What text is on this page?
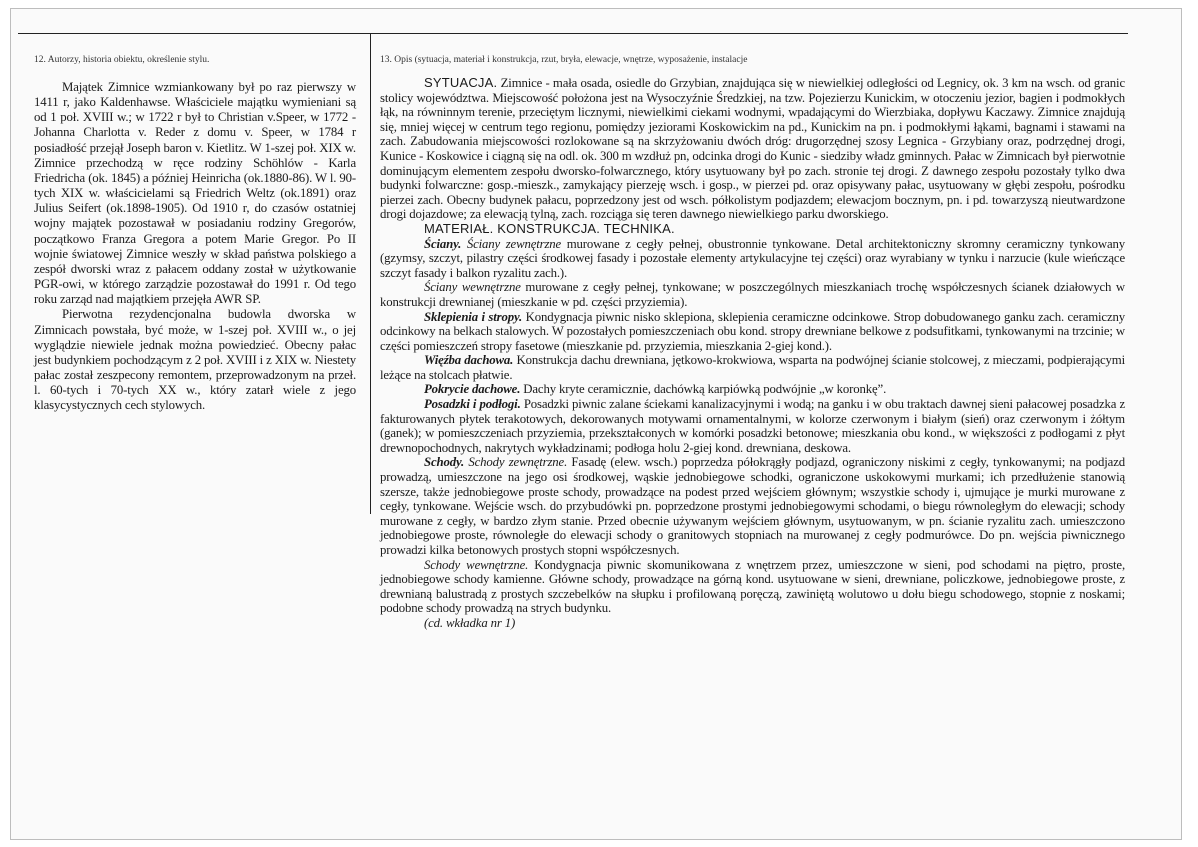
12. Autorzy, historia obiektu, określenie stylu.	13. Opis (sytuacja, materiał i konstrukcja, rzut, bryła, elewacje, wnętrze, wyposażenie, instalacje

Majątek Zimnice wzmiankowany był po raz pierwszy w 1411 r, jako Kaldenhawse. Właściciele majątku wymieniani są od 1 poł. XVIII w.; w 1722 r był to Christian v.Speer, w 1772 - Johanna Charlotta v. Reder z domu v. Speer, w 1784 r posiadłość przejął Joseph baron v. Kietlitz. W 1-szej poł. XIX w. Zimnice przechodzą w ręce rodziny Schöhlów - Karla Friedricha (ok. 1845) a później Heinricha (ok.1880-86). W l. 90-tych XIX w. właścicielami są Friedrich Weltz (ok.1891) oraz Julius Seifert (ok.1898-1905). Od 1910 r, do czasów ostatniej wojny majątek pozostawał w posiadaniu rodziny Gregorów, początkowo Franza Gregora a potem Marie Gregor. Po II wojnie światowej Zimnice weszły w skład państwa polskiego a zespół dworski wraz z pałacem oddany został w użytkowanie PGR-owi, w którego zarządzie pozostawał do 1991 r. Od tego roku zarząd nad majątkiem przejęła AWR SP.

Pierwotna rezydencjonalna budowla dworska w Zimnicach powstała, być może, w 1-szej poł. XVIII w., o jej wyglądzie niewiele jednak można powiedzieć. Obecny pałac jest budynkiem pochodzącym z 2 poł. XVIII i z XIX w. Niestety pałac został zeszpecony remontem, przeprowadzonym na przeł. l. 60-tych i 70-tych XX w., który zatarł wiele z jego klasycystycznych cech stylowych.

SYTUACJA. Zimnice - mała osada, osiedle do Grzybian, znajdująca się w niewielkiej odległości od Legnicy, ok. 3 km na wsch. od granic stolicy województwa. Miejscowość położona jest na Wysoczyźnie Średzkiej, na tzw. Pojezierzu Kunickim, w otoczeniu jezior, bagien i podmokłych łąk, na równinnym terenie, przeciętym licznymi, niewielkimi ciekami wodnymi, wpadającymi do Wierzbiaka, dopływu Kaczawy. Zimnice znajdują się, mniej więcej w centrum tego regionu, pomiędzy jeziorami Koskowickim na pd., Kunickim na pn. i podmokłymi łąkami, bagnami i stawami na zach. Zabudowania miejscowości rozlokowane są na skrzyżowaniu dwóch dróg: drugorzędnej szosy Legnica - Grzybiany oraz, podrzędnej drogi, Kunice - Koskowice i ciągną się na odl. ok. 300 m wzdłuż pn, odcinka drogi do Kunic - siedziby władz gminnych. Pałac w Zimnicach był pierwotnie dominującym elementem zespołu dworsko-folwarcznego, który usytuowany był po zach. stronie tej drogi. Z dawnego zespołu pozostały tylko dwa budynki folwarczne: gosp.-mieszk., zamykający pierzeję wsch. i gosp., w pierzei pd. oraz opisywany pałac, usytuowany w głębi zespołu, pośrodku pierzei zach. Obecny budynek pałacu, poprzedzony jest od wsch. półkolistym podjazdem; elewacjom bocznym, pn. i pd. towarzyszą nieutwardzone drogi dojazdowe; za elewacją tylną, zach. rozciąga się teren dawnego niewielkiego parku dworskiego.

MATERIAŁ. KONSTRUKCJA. TECHNIKA.

Ściany. Ściany zewnętrzne murowane z cegły pełnej, obustronnie tynkowane. Detal architektoniczny skromny ceramiczny tynkowany (gzymsy, szczyt, pilastry części środkowej fasady i pozostałe elementy artykulacyjne tej części) oraz wyrabiany w tynku i narzucie (kule wieńczące szczyt fasady i balkon ryzalitu zach.).

Ściany wewnętrzne murowane z cegły pełnej, tynkowane; w poszczególnych mieszkaniach trochę współczesnych ścianek działowych w konstrukcji drewnianej (mieszkanie w pd. części przyziemia).

Sklepienia i stropy. Kondygnacja piwnic nisko sklepiona, sklepienia ceramiczne odcinkowe. Strop dobudowanego ganku zach. ceramiczny odcinkowy na belkach stalowych. W pozostałych pomieszczeniach obu kond. stropy drewniane belkowe z podsufitkami, tynkowanymi na trzcinie; w części pomieszczeń stropy fasetowe (mieszkanie pd. przyziemia, mieszkania 2-giej kond.).

Więźba dachowa. Konstrukcja dachu drewniana, jętkowo-krokwiowa, wsparta na podwójnej ścianie stolcowej, z mieczami, podpierającymi leżące na stolcach płatwie.

Pokrycie dachowe. Dachy kryte ceramicznie, dachówką karpiówką podwójnie „w koronkę”.

Posadzki i podłogi. Posadzki piwnic zalane ściekami kanalizacyjnymi i wodą; na ganku i w obu traktach dawnej sieni pałacowej posadzka z fakturowanych płytek terakotowych, dekorowanych motywami ornamentalnymi, w kolorze czerwonym i białym (sień) oraz czerwonym i żółtym (ganek); w pomieszczeniach przyziemia, przekształconych w komórki posadzki betonowe; mieszkania obu kond., w większości z podłogami z płyt drewnopochodnych, nakrytych wykładzinami; podłoga holu 2-giej kond. drewniana, deskowa.

Schody. Schody zewnętrzne. Fasadę (elew. wsch.) poprzedza półokrągły podjazd, ograniczony niskimi z cegły, tynkowanymi; na podjazd prowadzą, umieszczone na jego osi środkowej, wąskie jednobiegowe schodki, ograniczone uskokowymi murkami; ich przedłużenie stanowią szersze, także jednobiegowe proste schody, prowadzące na podest przed wejściem głównym; wszystkie schody i, ujmujące je murki murowane z cegły, tynkowane. Wejście wsch. do przybudówki pn. poprzedzone prostymi jednobiegowymi schodami, o biegu równoległym do elewacji; schody murowane z cegły, w bardzo złym stanie. Przed obecnie używanym wejściem głównym, usytuowanym, w pn. ścianie ryzalitu zach. umieszczono jednobiegowe proste, równoległe do elewacji schody o granitowych stopniach na murowanej z cegły podmurówce. Do pn. wejścia piwnicznego prowadzi kilka betonowych prostych stopni współczesnych.

Schody wewnętrzne. Kondygnacja piwnic skomunikowana z wnętrzem przez, umieszczone w sieni, pod schodami na piętro, proste, jednobiegowe schody kamienne. Główne schody, prowadzące na górną kond. usytuowane w sieni, drewniane, policzkowe, jednobiegowe proste, z drewnianą balustradą z prostych szczebelków na słupku i profilowaną poręczą, zawiniętą wolutowo u dołu biegu schodowego, stopnie z noskami; podobne schody prowadzą na strych budynku.

(cd. wkładka nr 1)
